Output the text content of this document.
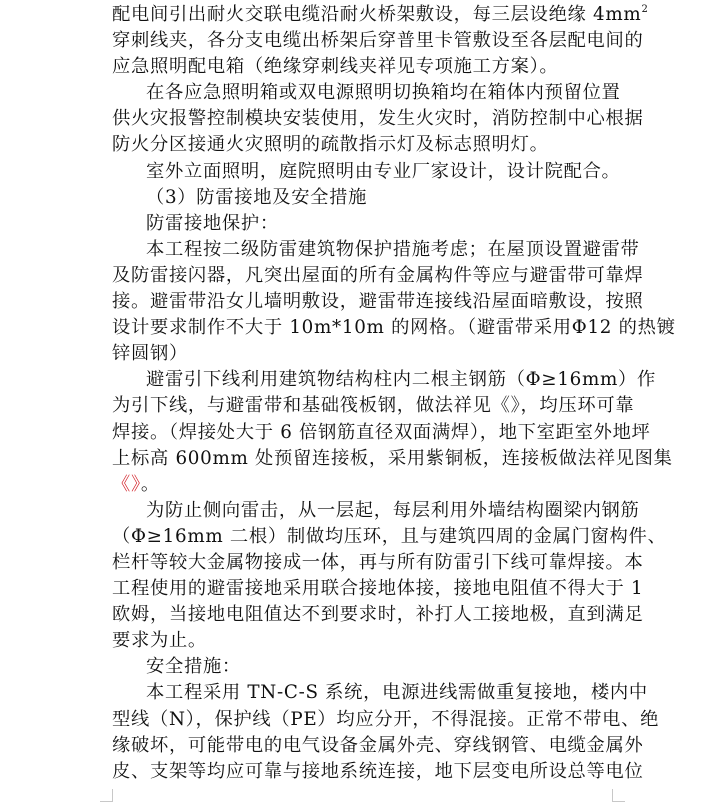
配电间引出耐火交联电缆沿耐火桥架敷设，每三层设绝缘 $4mm^2$
穿刺线夹，各分支电缆出桥架后穿普里卡管敷设至各层配电间的
应急照明配电箱（绝缘穿刺线夹祥见专项施工方案）。
在各应急照明箱或双电源照明切换箱均在箱体内预留位置
供火灾报警控制模块安装使用，发生火灾时，消防控制中心根据
防火分区接通火灾照明的疏散指示灯及标志照明灯。
室外立面照明，庭院照明由专业厂家设计，设计院配合。
（3）防雷接地及安全措施
防雷接地保护：
本工程按二级防雷建筑物保护措施考虑；在屋顶设置避雷带
及防雷接闪器，凡突出屋面的所有金属构件等应与避雷带可靠焊
接。避雷带沿女儿墙明敷设，避雷带连接线沿屋面暗敷设，按照
设计要求制作不大于 10m*10m 的网格。（避雷带采用Φ12 的热镀
锌圆钢）
避雷引下线利用建筑物结构柱内二根主钢筋（Φ≥16mm）作
为引下线，与避雷带和基础筏板钢，做法祥见《》，均压环可靠
焊接。（焊接处大于 6 倍钢筋直径双面满焊），地下室距室外地坪
上标高 600mm 处预留连接板，采用紫铜板，连接板做法祥见图集
《》。
为防止侧向雷击，从一层起，每层利用外墙结构圈梁内钢筋
（Φ≥16mm 二根）制做均压环，且与建筑四周的金属门窗构件、
栏杆等较大金属物接成一体，再与所有防雷引下线可靠焊接。本
工程使用的避雷接地采用联合接地体接，接地电阻值不得大于 1
欧姆，当接地电阻值达不到要求时，补打人工接地极，直到满足
要求为止。
安全措施：
本工程采用 TN-C-S 系统，电源进线需做重复接地，楼内中
型线（N），保护线（PE）均应分开，不得混接。正常不带电、绝
缘破坏，可能带电的电气设备金属外壳、穿线钢管、电缆金属外
皮、支架等均应可靠与接地系统连接，地下层变电所设总等电位
